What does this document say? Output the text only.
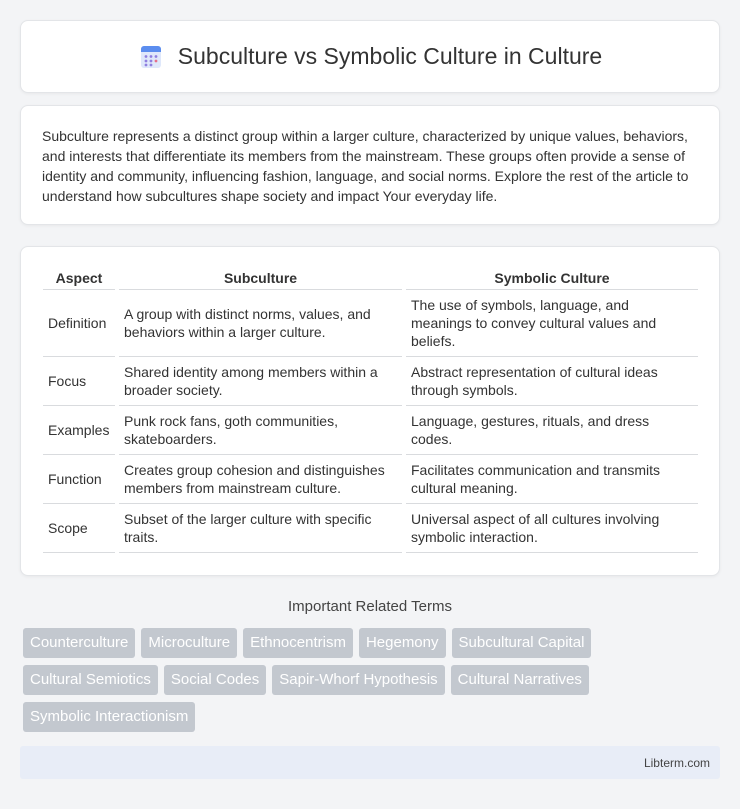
Subculture vs Symbolic Culture in Culture

Subculture represents a distinct group within a larger culture, characterized by unique values, behaviors, and interests that differentiate its members from the mainstream. These groups often provide a sense of identity and community, influencing fashion, language, and social norms. Explore the rest of the article to understand how subcultures shape society and impact Your everyday life.

Aspect	Subculture	Symbolic Culture
Definition	A group with distinct norms, values, and behaviors within a larger culture.	The use of symbols, language, and meanings to convey cultural values and beliefs.
Focus	Shared identity among members within a broader society.	Abstract representation of cultural ideas through symbols.
Examples	Punk rock fans, goth communities, skateboarders.	Language, gestures, rituals, and dress codes.
Function	Creates group cohesion and distinguishes members from mainstream culture.	Facilitates communication and transmits cultural meaning.
Scope	Subset of the larger culture with specific traits.	Universal aspect of all cultures involving symbolic interaction.
Important Related Terms
Counterculture	Microculture	Ethnocentrism	Hegemony	Subcultural Capital
Cultural Semiotics	Social Codes	Sapir-Whorf Hypothesis	Cultural Narratives
Symbolic Interactionism
Libterm.com
